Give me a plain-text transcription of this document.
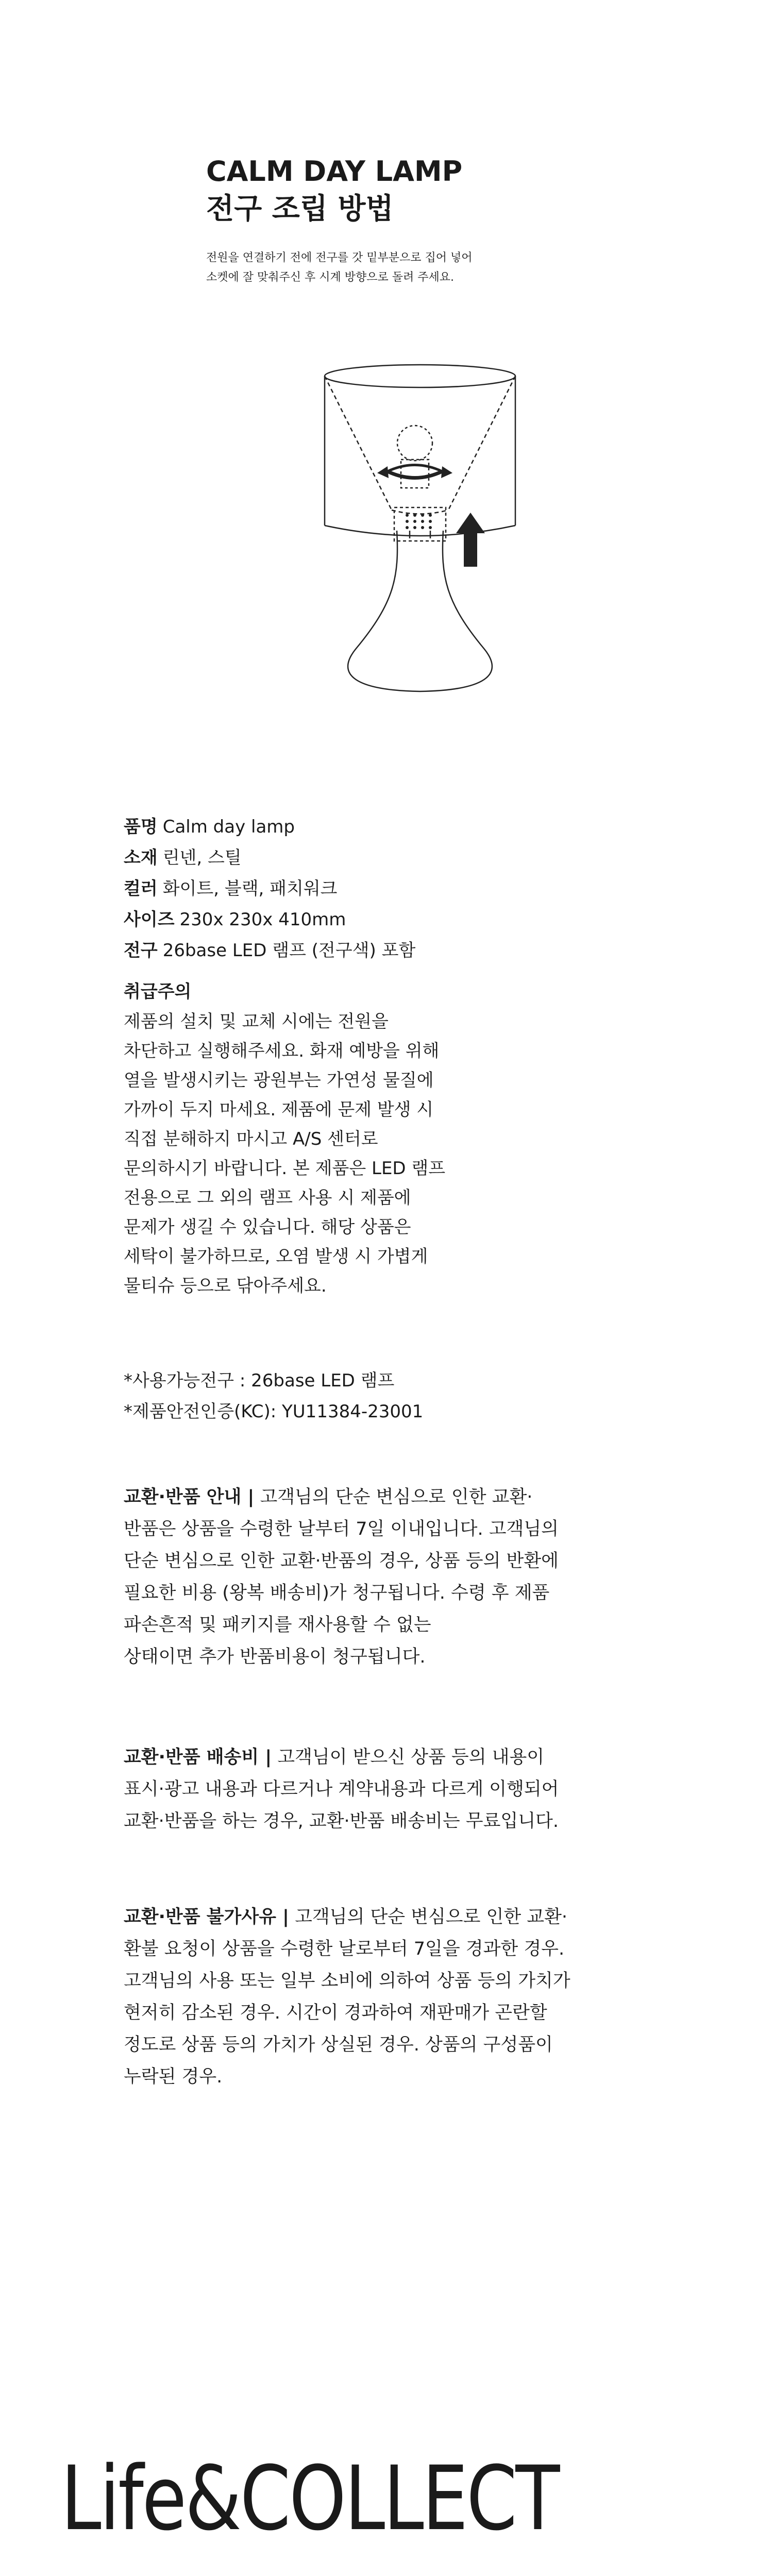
CALM DAY LAMP
전구 조립 방법
전원을 연결하기 전에 전구를 갓 밑부분으로 집어 넣어
소켓에 잘 맞춰주신 후 시계 방향으로 돌려 주세요.
품명 Calm day lamp
소재 린넨, 스틸
컬러 화이트, 블랙, 패치워크
사이즈 230x 230x 410mm
전구 26base LED 램프 (전구색) 포함
취급주의
제품의 설치 및 교체 시에는 전원을
차단하고 실행해주세요. 화재 예방을 위해
열을 발생시키는 광원부는 가연성 물질에
가까이 두지 마세요. 제품에 문제 발생 시
직접 분해하지 마시고 A/S 센터로
문의하시기 바랍니다. 본 제품은 LED 램프
전용으로 그 외의 램프 사용 시 제품에
문제가 생길 수 있습니다. 해당 상품은
세탁이 불가하므로, 오염 발생 시 가볍게
물티슈 등으로 닦아주세요.
*사용가능전구 : 26base LED 램프
*제품안전인증(KC): YU11384-23001
교환·반품 안내 | 고객님의 단순 변심으로 인한 교환·
반품은 상품을 수령한 날부터 7일 이내입니다. 고객님의
단순 변심으로 인한 교환·반품의 경우, 상품 등의 반환에
필요한 비용 (왕복 배송비)가 청구됩니다. 수령 후 제품
파손흔적 및 패키지를 재사용할 수 없는
상태이면 추가 반품비용이 청구됩니다.
교환·반품 배송비 | 고객님이 받으신 상품 등의 내용이
표시·광고 내용과 다르거나 계약내용과 다르게 이행되어
교환·반품을 하는 경우, 교환·반품 배송비는 무료입니다.
교환·반품 불가사유 | 고객님의 단순 변심으로 인한 교환·
환불 요청이 상품을 수령한 날로부터 7일을 경과한 경우.
고객님의 사용 또는 일부 소비에 의하여 상품 등의 가치가
현저히 감소된 경우. 시간이 경과하여 재판매가 곤란할
정도로 상품 등의 가치가 상실된 경우. 상품의 구성품이
누락된 경우.
Life&COLLECT
